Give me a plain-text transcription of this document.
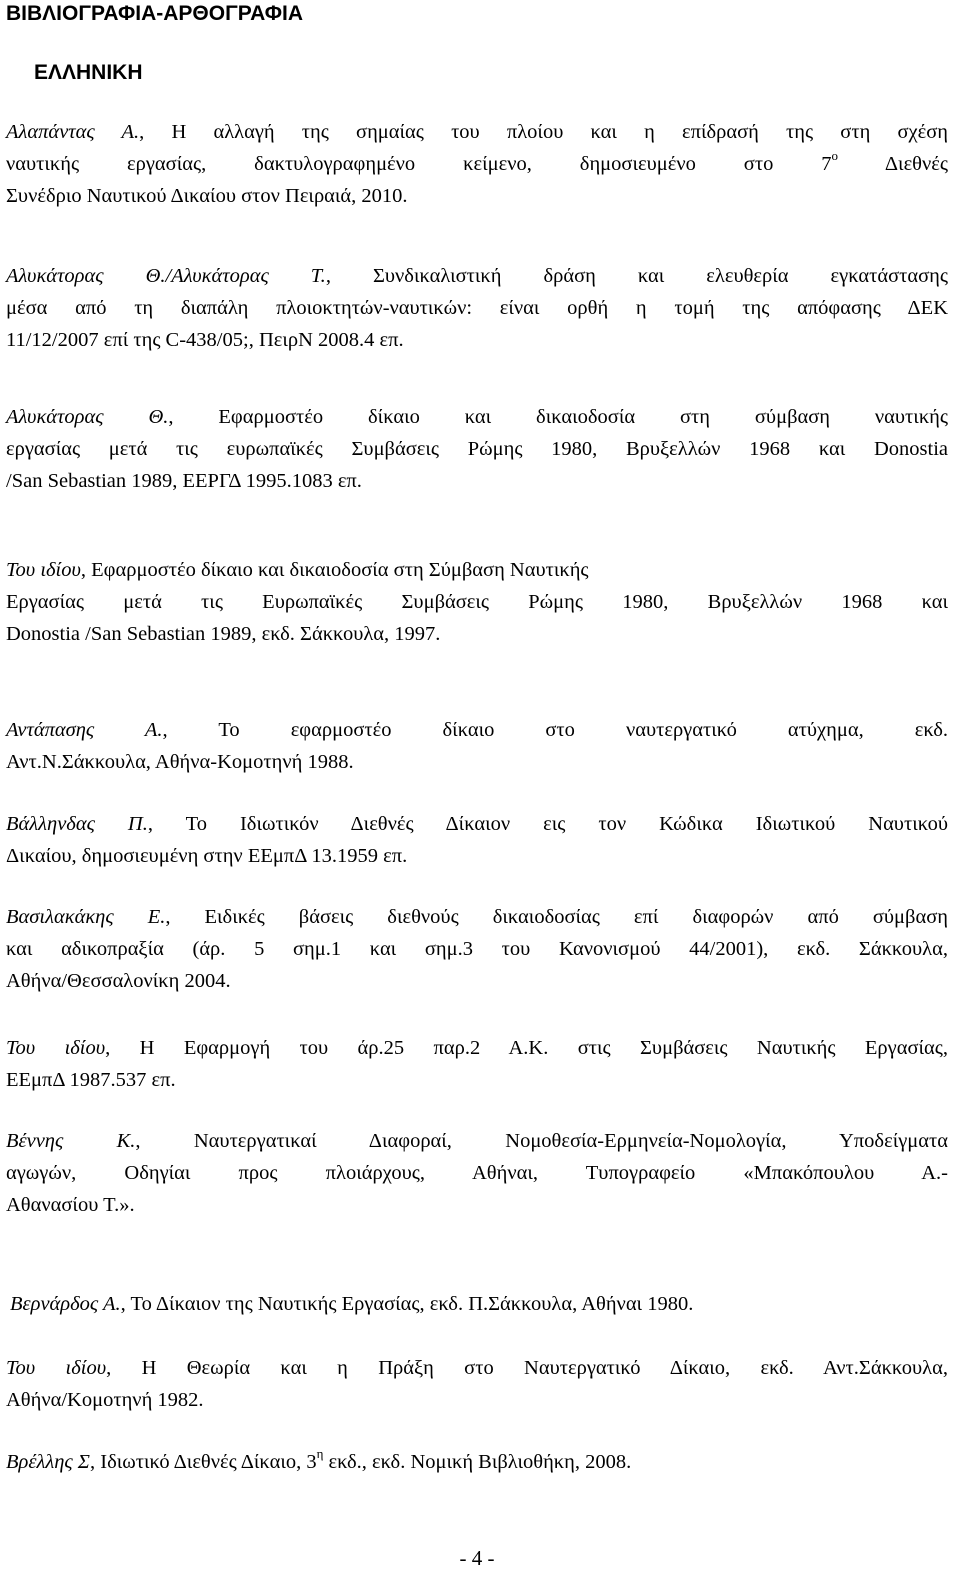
ΒΙΒΛΙΟΓΡΑΦΙΑ-ΑΡΘΟΓΡΑΦΙΑ
ΕΛΛΗΝΙΚΗ

Αλαπάντας Α., Η αλλαγή της σημαίας του πλοίου και η επίδρασή της στη σχέση
ναυτικής εργασίας, δακτυλογραφημένο κείμενο, δημοσιευμένο στο $7^o$ Διεθνές
Συνέδριο Ναυτικού Δικαίου στον Πειραιά, 2010.

Αλυκάτορας Θ./Αλυκάτορας Τ., Συνδικαλιστική δράση και ελευθερία εγκατάστασης
μέσα από τη διαπάλη πλοιοκτητών-ναυτικών: είναι ορθή η τομή της απόφασης ΔΕΚ
11/12/2007 επί της C-438/05;, ΠειρΝ 2008.4 επ.

Αλυκάτορας Θ., Εφαρμοστέο δίκαιο και δικαιοδοσία στη σύμβαση ναυτικής
εργασίας μετά τις ευρωπαϊκές Συμβάσεις Ρώμης 1980, Βρυξελλών 1968 και Donostia
/San Sebastian 1989, ΕΕΡΓΔ 1995.1083 επ.

Του ιδίου, Εφαρμοστέο δίκαιο και δικαιοδοσία στη Σύμβαση Ναυτικής
Εργασίας μετά τις Ευρωπαϊκές Συμβάσεις Ρώμης 1980, Βρυξελλών 1968 και
Donostia /San Sebastian 1989, εκδ. Σάκκουλα, 1997.

Αντάπασης Α., Το εφαρμοστέο δίκαιο στο ναυτεργατικό ατύχημα, εκδ.
Αντ.Ν.Σάκκουλα, Αθήνα-Κομοτηνή 1988.

Βάλληνδας Π., Το Ιδιωτικόν Διεθνές Δίκαιον εις τον Κώδικα Ιδιωτικού Ναυτικού
Δικαίου, δημοσιευμένη στην ΕΕμπΔ 13.1959 επ.

Βασιλακάκης Ε., Ειδικές βάσεις διεθνούς δικαιοδοσίας επί διαφορών από σύμβαση
και αδικοπραξία (άρ. 5 σημ.1 και σημ.3 του Κανονισμού 44/2001), εκδ. Σάκκουλα,
Αθήνα/Θεσσαλονίκη 2004.

Του ιδίου, Η Εφαρμογή του άρ.25 παρ.2 Α.Κ. στις Συμβάσεις Ναυτικής Εργασίας,
ΕΕμπΔ 1987.537 επ.

Βέννης Κ., Ναυτεργατικαί Διαφοραί, Νομοθεσία-Ερμηνεία-Νομολογία, Υποδείγματα
αγωγών, Οδηγίαι προς πλοιάρχους, Αθήναι, Τυπογραφείο «Μπακόπουλου Α.-
Αθανασίου Τ.».

Βερνάρδος Α., Το Δίκαιον της Ναυτικής Εργασίας, εκδ. Π.Σάκκουλα, Αθήναι 1980.

Του ιδίου, Η Θεωρία και η Πράξη στο Ναυτεργατικό Δίκαιο, εκδ. Αντ.Σάκκουλα,
Αθήνα/Κομοτηνή 1982.

Βρέλλης Σ, Ιδιωτικό Διεθνές Δίκαιο, $3^\eta$ εκδ., εκδ. Νομική Βιβλιοθήκη, 2008.

- 4 -
